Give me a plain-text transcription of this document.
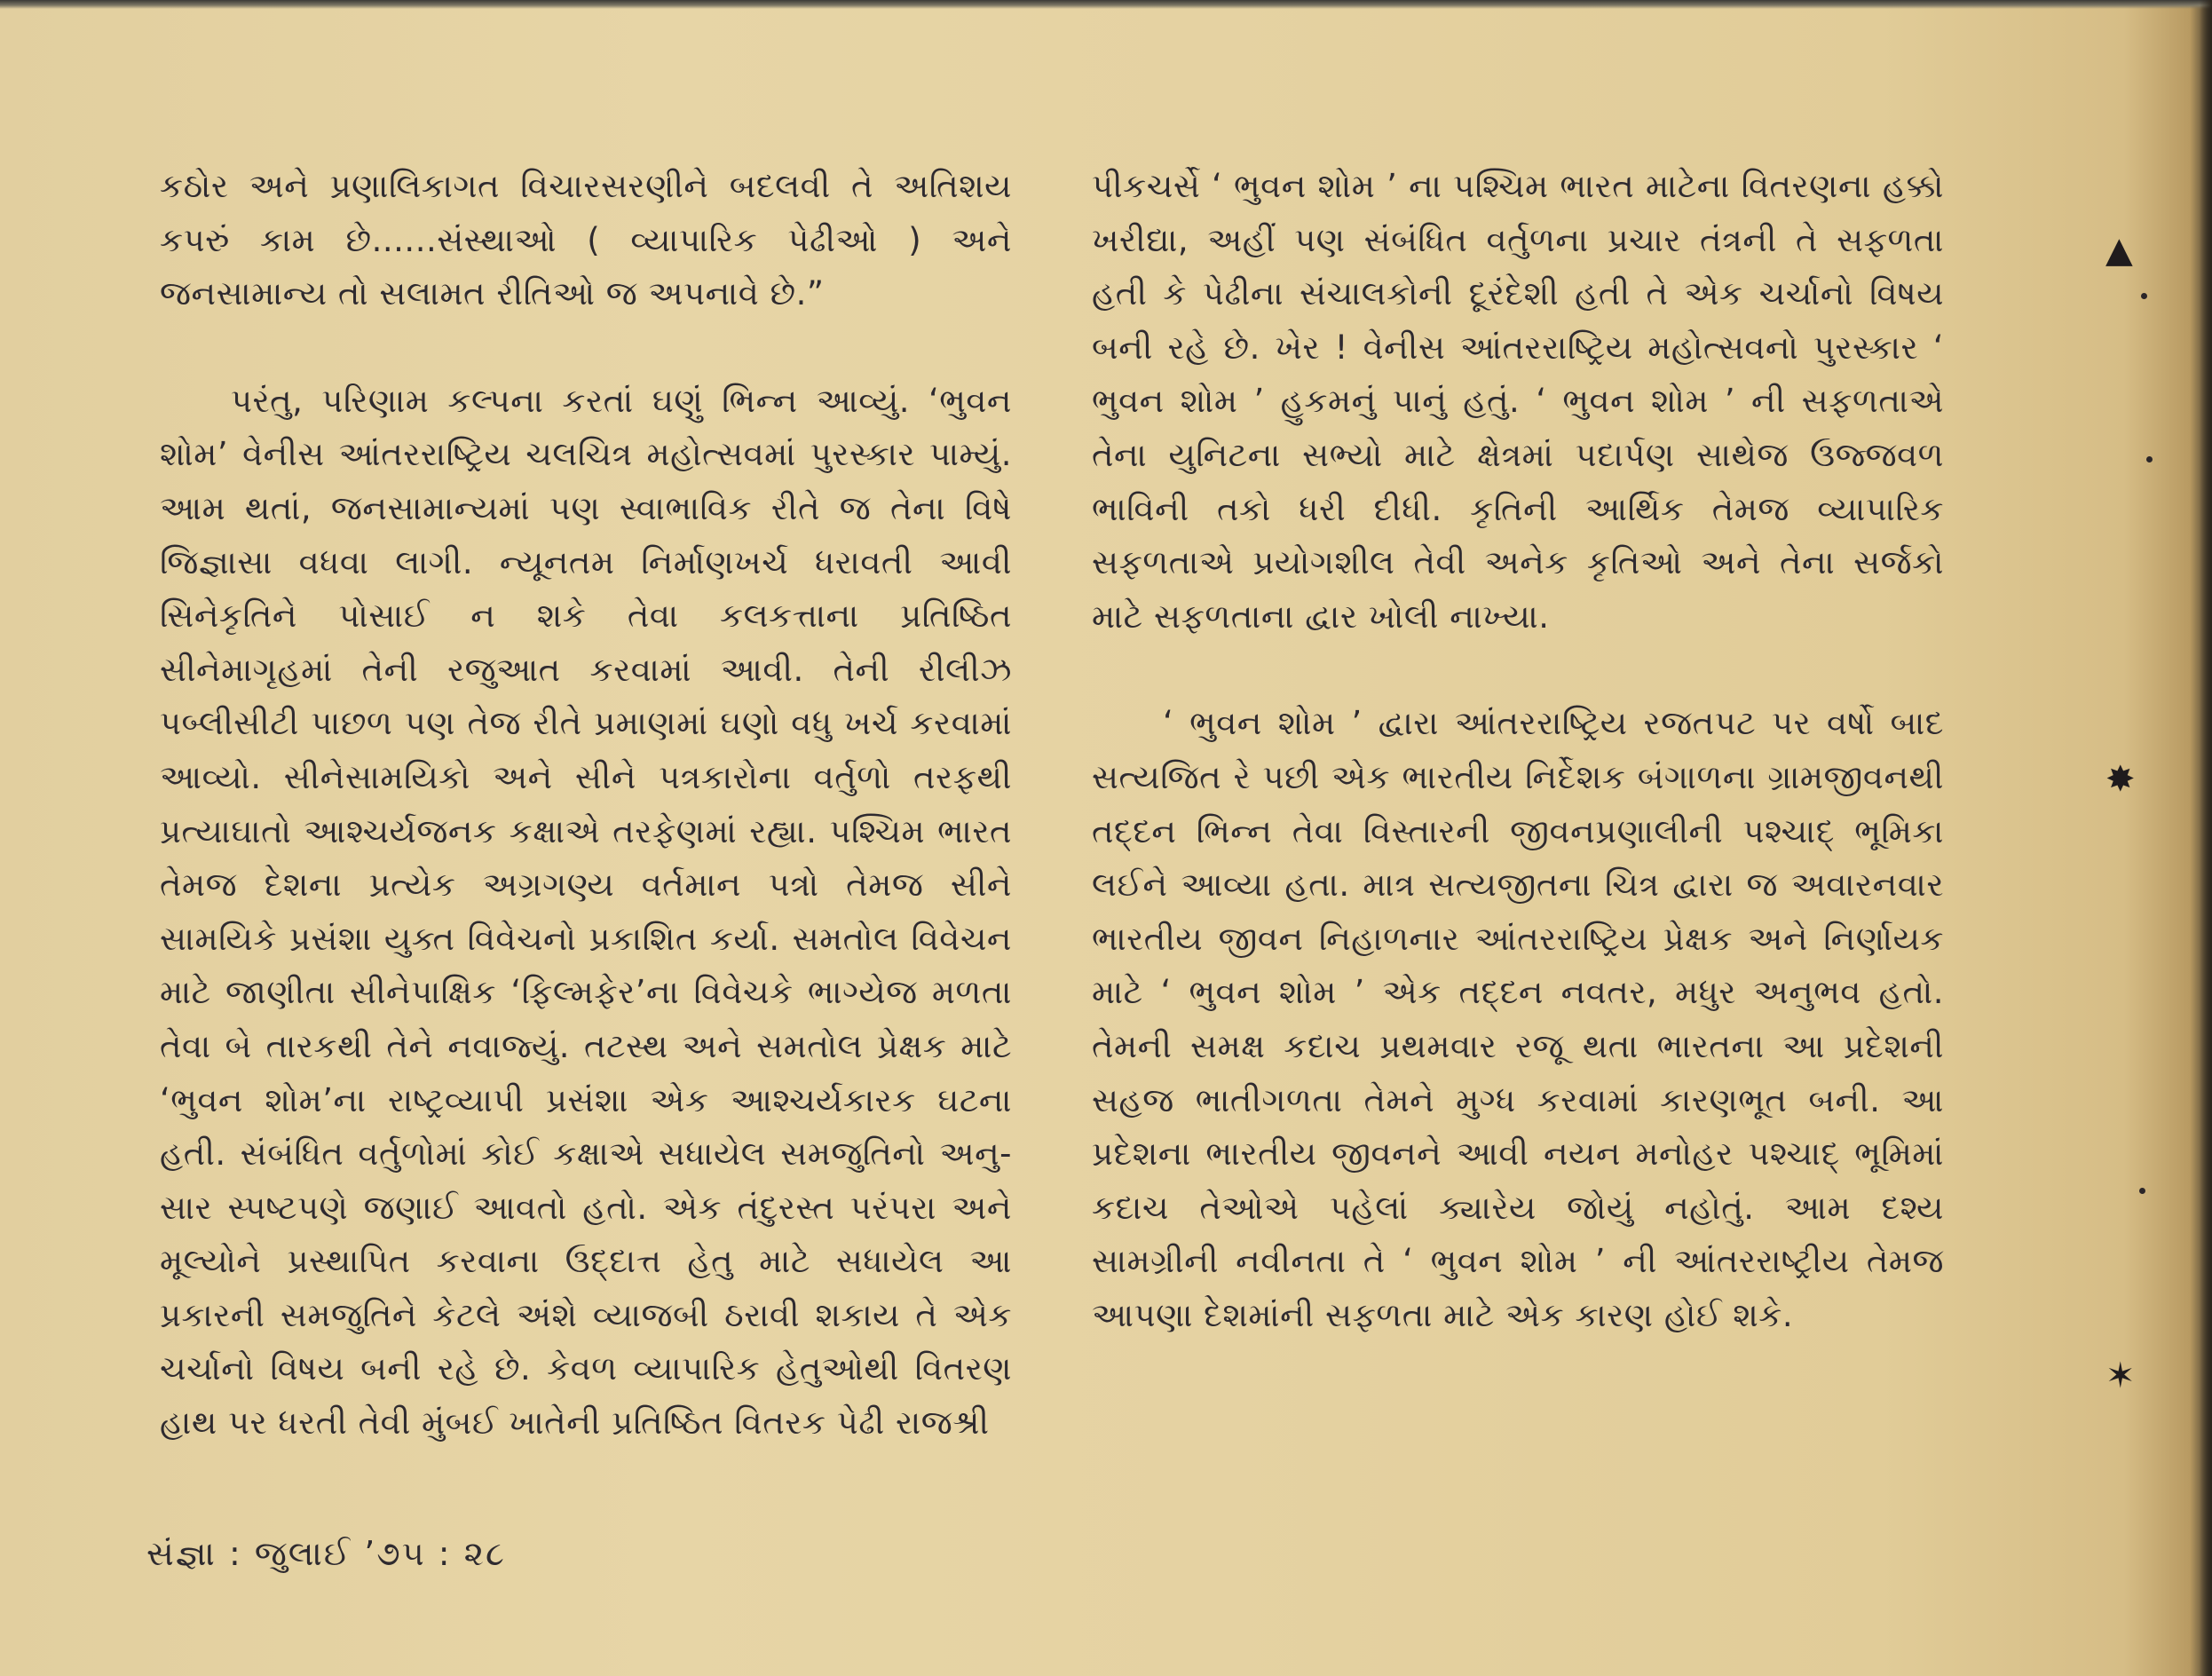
કઠોર અને પ્રણાલિકાગત વિચારસરણીને બદલવી તે અતિશય કપરું કામ છે......સંસ્થાઓ ( વ્યાપારિક પેઢીઓ ) અને જનસામાન્ય તો સલામત રીતિઓ જ અપનાવે છે.”

પરંતુ, પરિણામ કલ્પના કરતાં ઘણું ભિન્ન આવ્યું. ‘ભુવન શોમ’ વેનીસ આંતરરાષ્ટ્રિય ચલચિત્ર મહોત્સવમાં પુરસ્કાર પામ્યું. આમ થતાં, જનસામાન્યમાં પણ સ્વાભાવિક રીતે જ તેના વિષે જિજ્ઞાસા વધવા લાગી. ન્યૂનતમ નિર્માણખર્ચ ધરાવતી આવી સિનેકૃતિને પોસાઈ ન શકે તેવા કલકત્તાના પ્રતિષ્ઠિત સીનેમાગૃહમાં તેની રજુઆત કરવામાં આવી. તેની રીલીઝ પબ્લીસીટી પાછળ પણ તેજ રીતે પ્રમાણમાં ઘણો વધુ ખર્ચ કરવામાં આવ્યો. સીનેસામયિકો અને સીને પત્રકારોના વર્તુળો તરફથી પ્રત્યાઘાતો આશ્ચર્યજનક કક્ષાએ તરફેણમાં રહ્યા. પશ્ચિમ ભારત તેમજ દેશના પ્રત્યેક અગ્રગણ્ય વર્તમાન પત્રો તેમજ સીને સામયિકે પ્રસંશા યુક્ત વિવેચનો પ્રકાશિત કર્યા. સમતોલ વિવેચન માટે જાણીતા સીનેપાક્ષિક ‘ફિલ્મફેર’ના વિવેચકે ભાગ્યેજ મળતા તેવા બે તારકથી તેને નવાજ્યું. તટસ્થ અને સમતોલ પ્રેક્ષક માટે ‘ભુવન શોમ’ના રાષ્ટ્રવ્યાપી પ્રસંશા એક આશ્ચર્યકારક ઘટના હતી. સંબંધિત વર્તુળોમાં કોઈ કક્ષાએ સધાયેલ સમજુતિનો અનુ- સાર સ્પષ્ટપણે જણાઈ આવતો હતો. એક તંદુરસ્ત પરંપરા અને મૂલ્યોને પ્રસ્થાપિત કરવાના ઉદ્દાત્ત હેતુ માટે સધાયેલ આ પ્રકારની સમજુતિને કેટલે અંશે વ્યાજબી ઠરાવી શકાય તે એક ચર્ચાનો વિષય બની રહે છે. કેવળ વ્યાપારિક હેતુઓથી વિતરણ હાથ પર ધરતી તેવી મુંબઈ ખાતેની પ્રતિષ્ઠિત વિતરક પેઢી રાજશ્રી

પીકચર્સે ‘ ભુવન શોમ ’ ના પશ્ચિમ ભારત માટેના વિતરણના હક્કો ખરીદ્યા, અહીં પણ સંબંધિત વર્તુળના પ્રચાર તંત્રની તે સફળતા હતી કે પેઢીના સંચાલકોની દૂરંદેશી હતી તે એક ચર્ચાનો વિષય બની રહે છે. ખેર ! વેનીસ આંતરરાષ્ટ્રિય મહોત્સવનો પુરસ્કાર ‘ ભુવન શોમ ’ હુકમનું પાનું હતું. ‘ ભુવન શોમ ’ ની સફળતાએ તેના યુનિટના સભ્યો માટે ક્ષેત્રમાં પદાર્પણ સાથેજ ઉજ્જવળ ભાવિની તકો ધરી દીધી. કૃતિની આર્થિક તેમજ વ્યાપારિક સફળતાએ પ્રયોગશીલ તેવી અનેક કૃતિઓ અને તેના સર્જકો માટે સફળતાના દ્વાર ખોલી નાખ્યા.

‘ ભુવન શોમ ’ દ્વારા આંતરરાષ્ટ્રિય રજતપટ પર વર્ષો બાદ સત્યજિત રે પછી એક ભારતીય નિર્દેશક બંગાળના ગ્રામજીવનથી તદ્દન ભિન્ન તેવા વિસ્તારની જીવનપ્રણાલીની પશ્ચાદ્ ભૂમિકા લઈને આવ્યા હતા. માત્ર સત્યજીતના ચિત્ર દ્વારા જ અવારનવાર ભારતીય જીવન નિહાળનાર આંતરરાષ્ટ્રિય પ્રેક્ષક અને નિર્ણાયક માટે ‘ ભુવન શોમ ’ એક તદ્દન નવતર, મધુર અનુભવ હતો. તેમની સમક્ષ કદાચ પ્રથમવાર રજૂ થતા ભારતના આ પ્રદેશની સહજ ભાતીગળતા તેમને મુગ્ધ કરવામાં કારણભૂત બની. આ પ્રદેશના ભારતીય જીવનને આવી નયન મનોહર પશ્ચાદ્ ભૂમિમાં કદાચ તેઓએ પહેલાં ક્યારેય જોયું નહોતું. આમ દશ્ય સામગ્રીની નવીનતા તે ‘ ભુવન શોમ ’ ની આંતરરાષ્ટ્રીય તેમજ આપણા દેશમાંની સફળતા માટે એક કારણ હોઈ શકે.

સંજ્ઞા : જુલાઈ ’૭૫ : ૨૮
▲
✸
✶
